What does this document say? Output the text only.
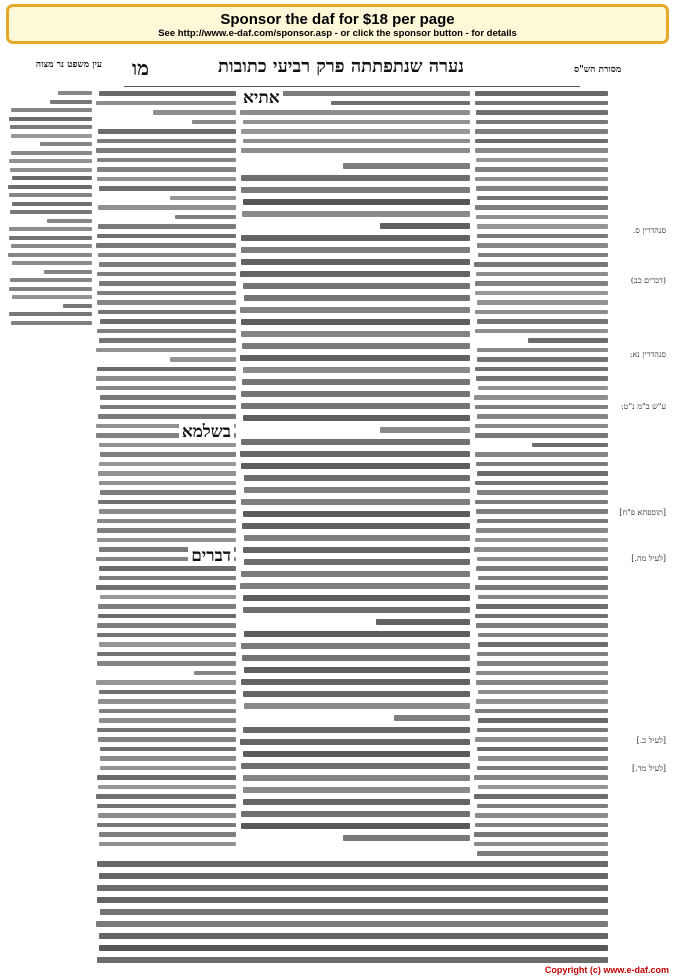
Sponsor the daf for $18 per page
See http://www.e-daf.com/sponsor.asp - or click the sponsor button - for details
נערה שנתפתתה פרק רביעי כתובות
מו
עין משפט נר מצוה	מסורת הש"ס
בשלמא
דברים
אתיא
סנהדרין ס.
(דברים כב)
סנהדרין נא:
ע"ש ב"מ נ"ט:
[תוספתא פ"ח]
[לעיל מה.]
[לעיל כ.]
[לעיל מד.]
Copyright (c) www.e-daf.com
